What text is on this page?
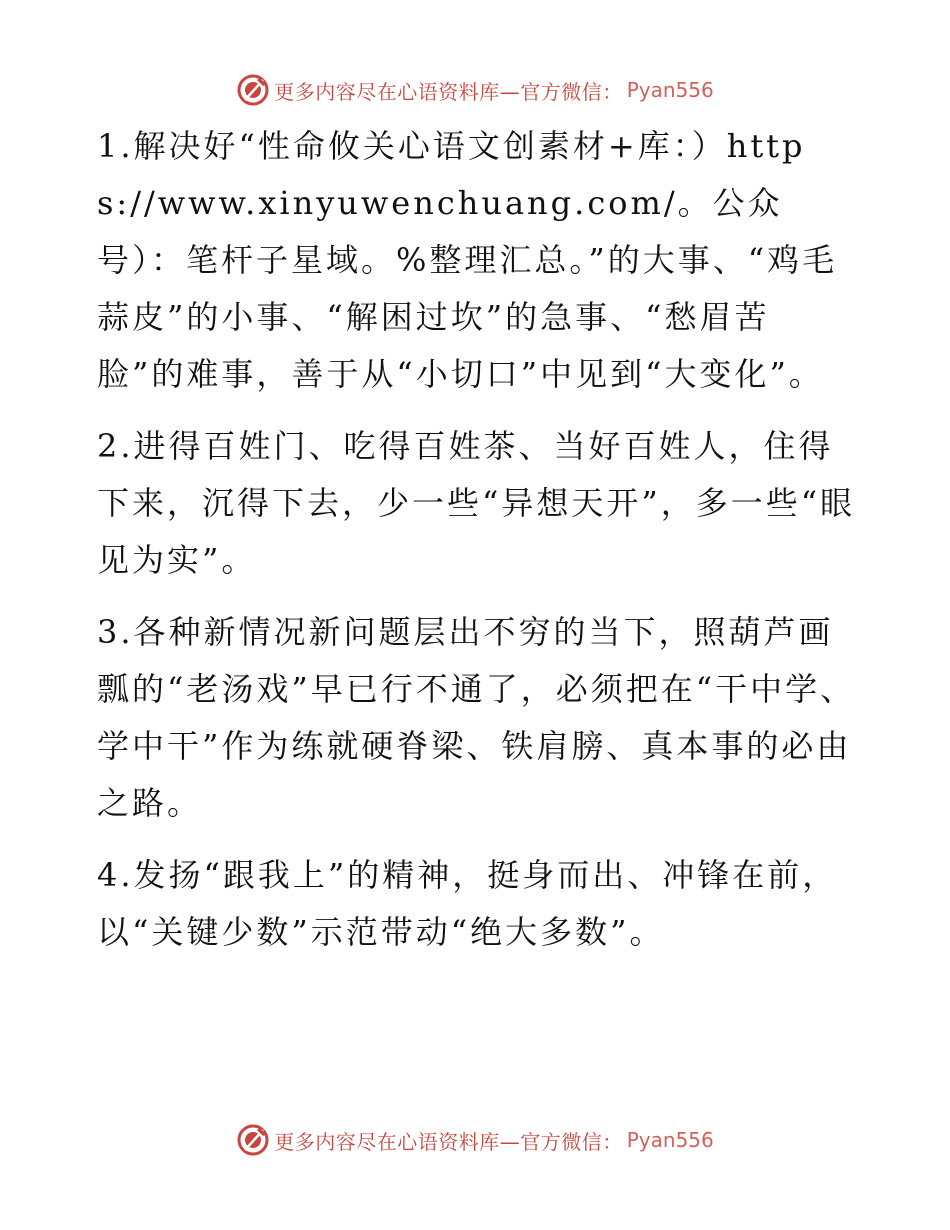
更多内容尽在心语资料库—官方微信： Pyan556

1.解决好“性命攸关心语文创素材+库：）https://www.xinyuwenchuang.com/。公众号）：笔杆子星域。%整理汇总。”的大事、“鸡毛蒜皮”的小事、“解困过坎”的急事、“愁眉苦脸”的难事，善于从“小切口”中见到“大变化”。

2.进得百姓门、吃得百姓茶、当好百姓人，住得下来，沉得下去，少一些“异想天开”，多一些“眼见为实”。

3.各种新情况新问题层出不穷的当下，照葫芦画瓢的“老汤戏”早已行不通了，必须把在“干中学、学中干”作为练就硬脊梁、铁肩膀、真本事的必由之路。

4.发扬“跟我上”的精神，挺身而出、冲锋在前，以“关键少数”示范带动“绝大多数”。

更多内容尽在心语资料库—官方微信： Pyan556
